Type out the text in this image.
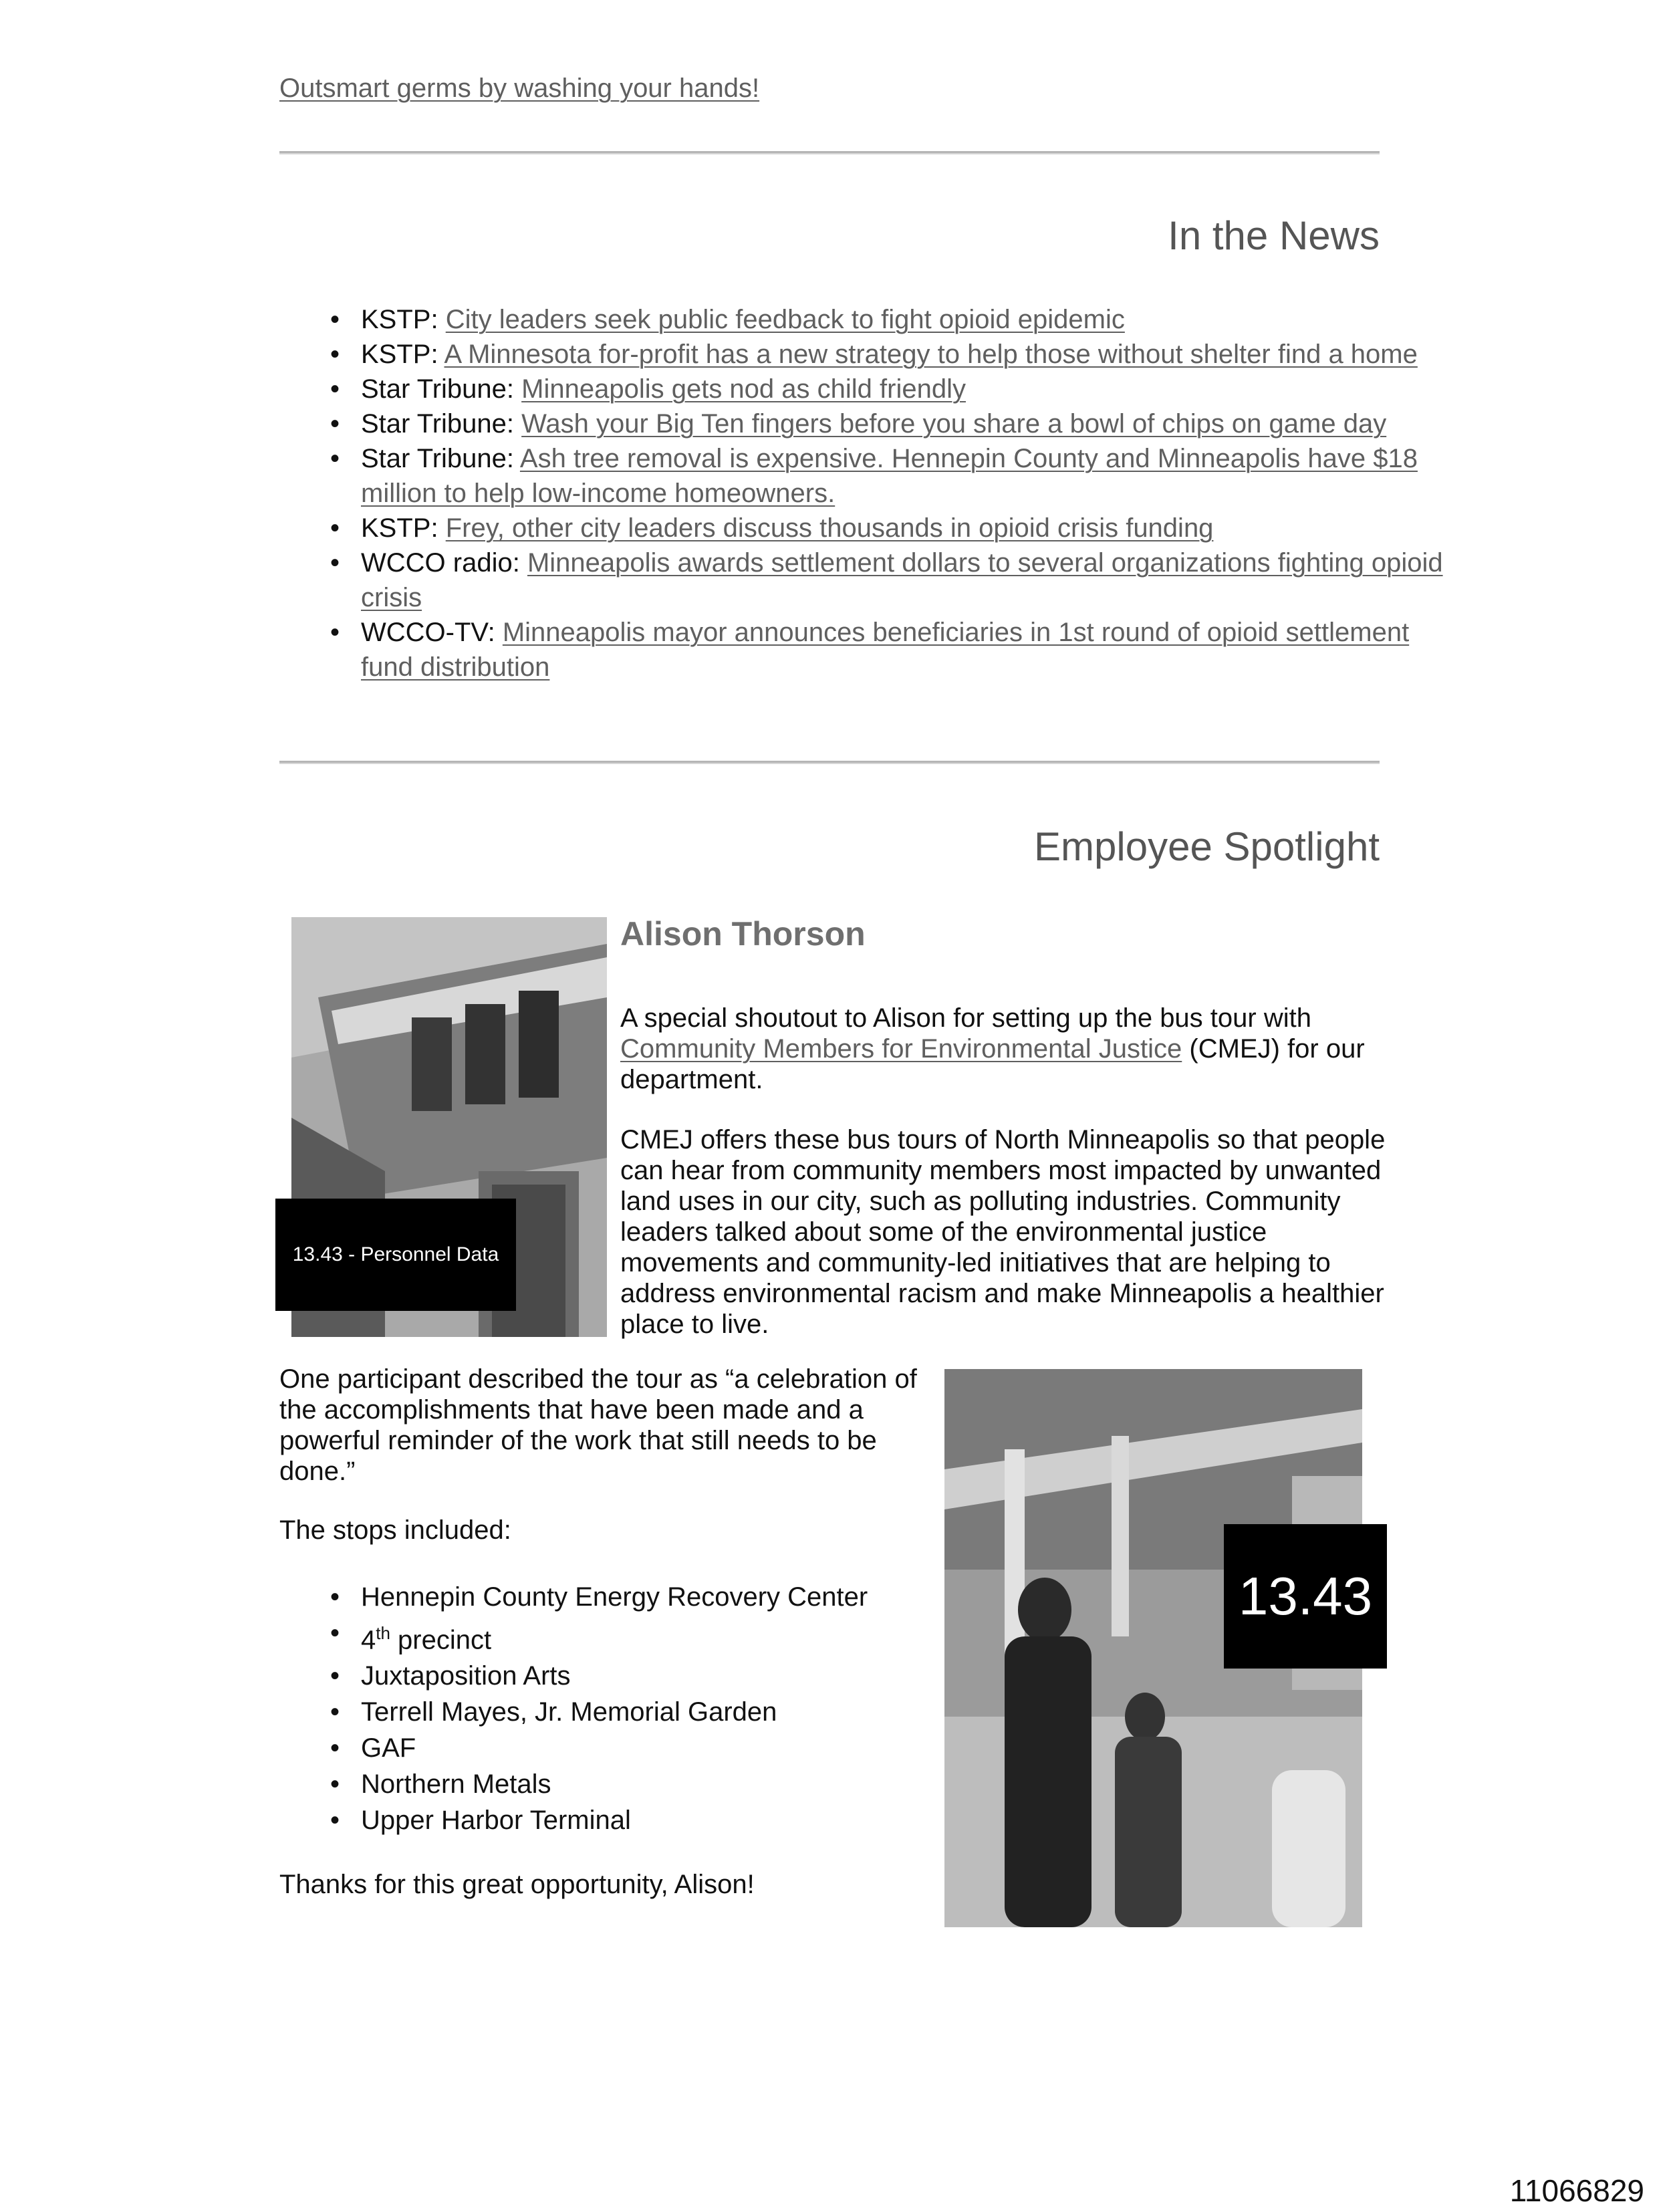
Outsmart germs by washing your hands!
In the News
• KSTP: City leaders seek public feedback to fight opioid epidemic
• KSTP: A Minnesota for-profit has a new strategy to help those without shelter find a home
• Star Tribune: Minneapolis gets nod as child friendly
• Star Tribune: Wash your Big Ten fingers before you share a bowl of chips on game day
• Star Tribune: Ash tree removal is expensive. Hennepin County and Minneapolis have $18 million to help low-income homeowners.
• KSTP: Frey, other city leaders discuss thousands in opioid crisis funding
• WCCO radio: Minneapolis awards settlement dollars to several organizations fighting opioid crisis
• WCCO-TV: Minneapolis mayor announces beneficiaries in 1st round of opioid settlement fund distribution
Employee Spotlight
13.43 - Personnel Data
Alison Thorson

A special shoutout to Alison for setting up the bus tour with Community Members for Environmental Justice (CMEJ) for our department.

CMEJ offers these bus tours of North Minneapolis so that people can hear from community members most impacted by unwanted land uses in our city, such as polluting industries. Community leaders talked about some of the environmental justice movements and community-led initiatives that are helping to address environmental racism and make Minneapolis a healthier place to live.

One participant described the tour as “a celebration of the accomplishments that have been made and a powerful reminder of the work that still needs to be done.”

The stops included:

• Hennepin County Energy Recovery Center
• 4th precinct
• Juxtaposition Arts
• Terrell Mayes, Jr. Memorial Garden
• GAF
• Northern Metals
• Upper Harbor Terminal

Thanks for this great opportunity, Alison!

13.43
11066829
